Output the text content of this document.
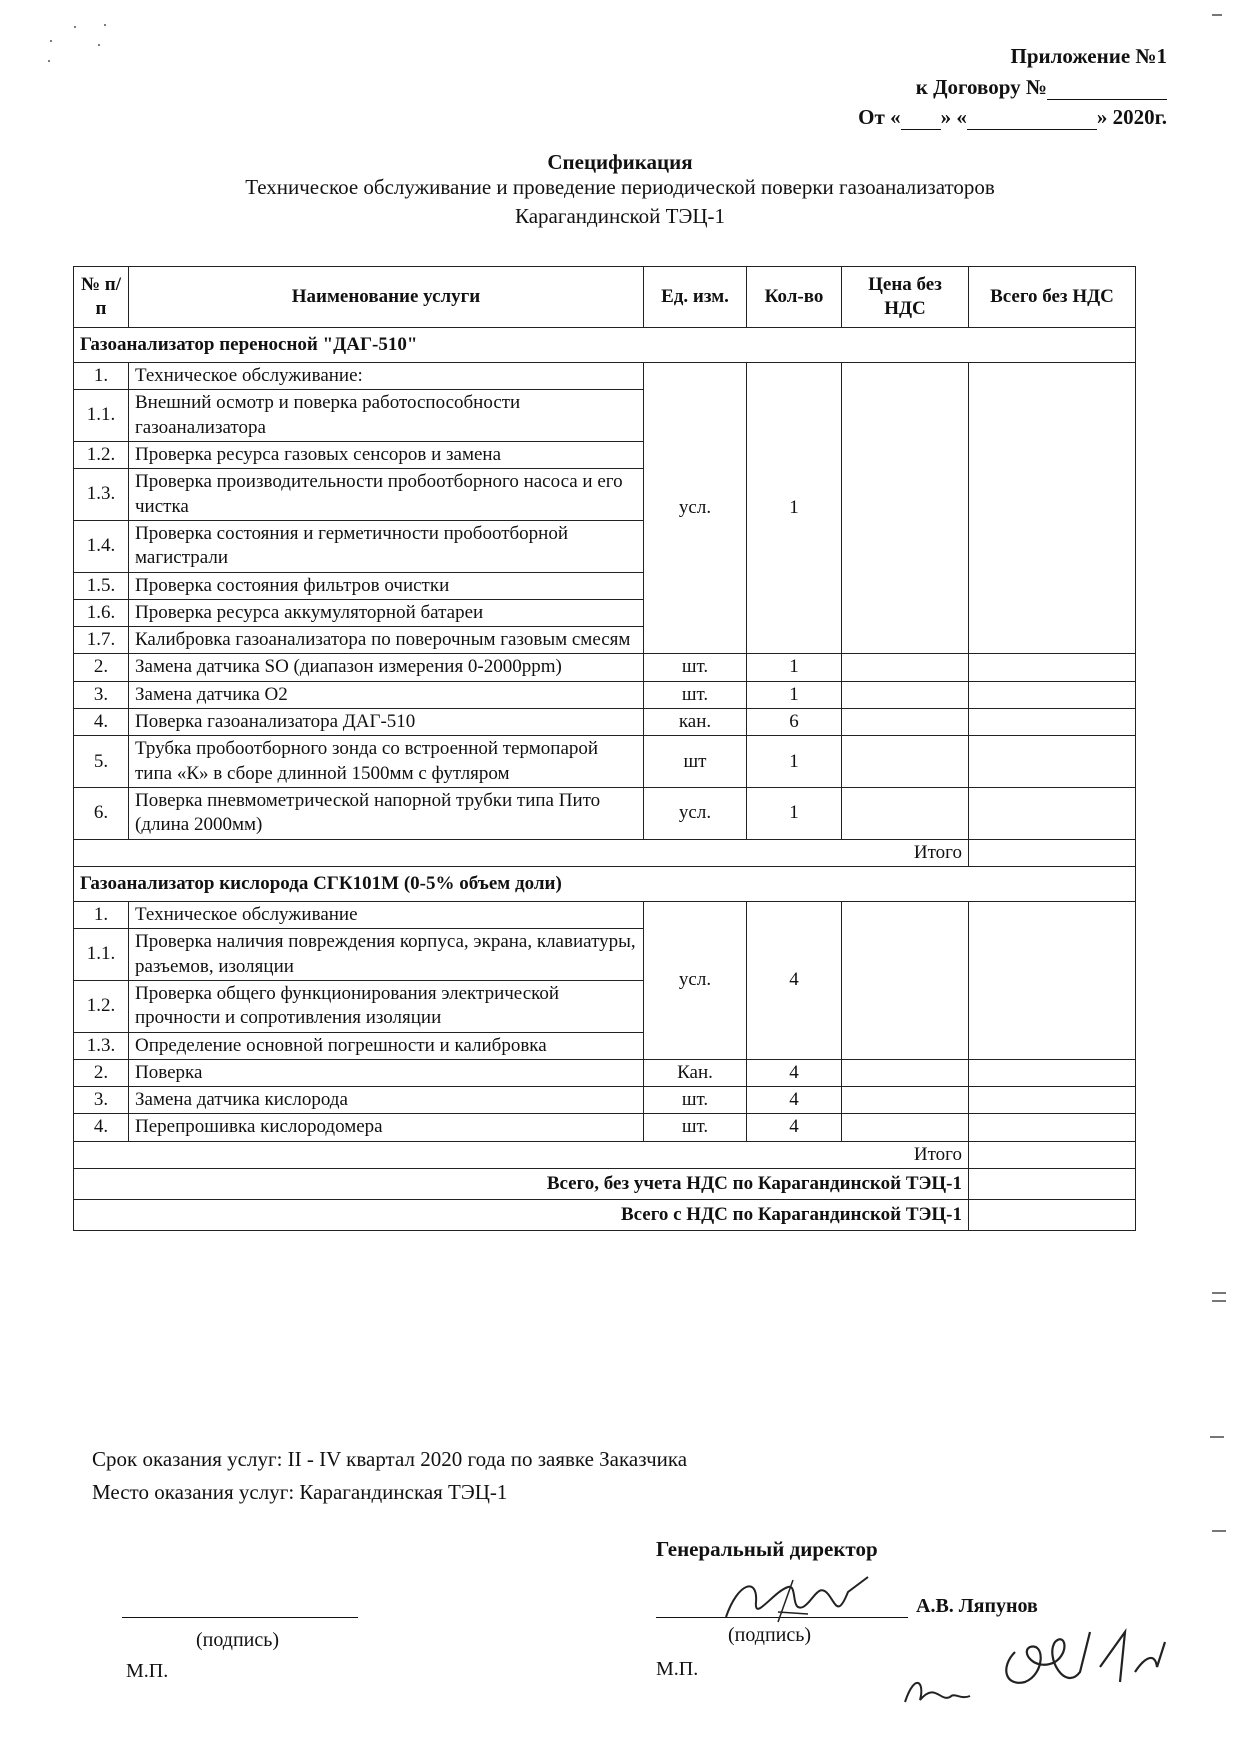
Приложение №1
к Договору №
От « » «	» 2020г.
Спецификация
Техническое обслуживание и проведение периодической поверки газоанализаторов
Карагандинской ТЭЦ-1
№ п/п	Наименование услуги	Ед. изм.	Кол-во	Цена без НДС	Всего без НДС
Газоанализатор переносной "ДАГ-510"					
1.	Техническое обслуживание:	усл.	1		
1.1.	Внешний осмотр и поверка работоспособности газоанализатора				
1.2.	Проверка ресурса газовых сенсоров и замена				
1.3.	Проверка производительности пробоотборного насоса и его чистка				
1.4.	Проверка состояния и герметичности пробоотборной магистрали				
1.5.	Проверка состояния фильтров очистки				
1.6.	Проверка ресурса аккумуляторной батареи				
1.7.	Калибровка газоанализатора по поверочным газовым смесям				
2.	Замена датчика SO (диапазон измерения 0-2000ppm)	шт.	1		
3.	Замена датчика О2	шт.	1		
4.	Поверка газоанализатора ДАГ-510	кан.	6		
5.	Трубка пробоотборного зонда со встроенной термопарой типа «К» в сборе длинной 1500мм с футляром	шт	1		
6.	Поверка пневмометрической напорной трубки типа Пито (длина 2000мм)	усл.	1		
Итого					
Газоанализатор кислорода СГК101М (0-5% объем доли)					
1.	Техническое обслуживание	усл.	4		
1.1.	Проверка наличия повреждения корпуса, экрана, клавиатуры, разъемов, изоляции				
1.2.	Проверка общего функционирования электрической прочности и сопротивления изоляции				
1.3.	Определение основной погрешности и калибровка				
2.	Поверка	Кан.	4		
3.	Замена датчика кислорода	шт.	4		
4.	Перепрошивка кислородомера	шт.	4		
Итого					
Всего, без учета НДС по Карагандинской ТЭЦ-1					
Всего с НДС по Карагандинской ТЭЦ-1					
Срок оказания услуг: II - IV квартал 2020 года по заявке Заказчика
Место оказания услуг: Карагандинская ТЭЦ-1
Генеральный директор
(подпись)
М.П.
А.В. Ляпунов
(подпись)
М.П.
